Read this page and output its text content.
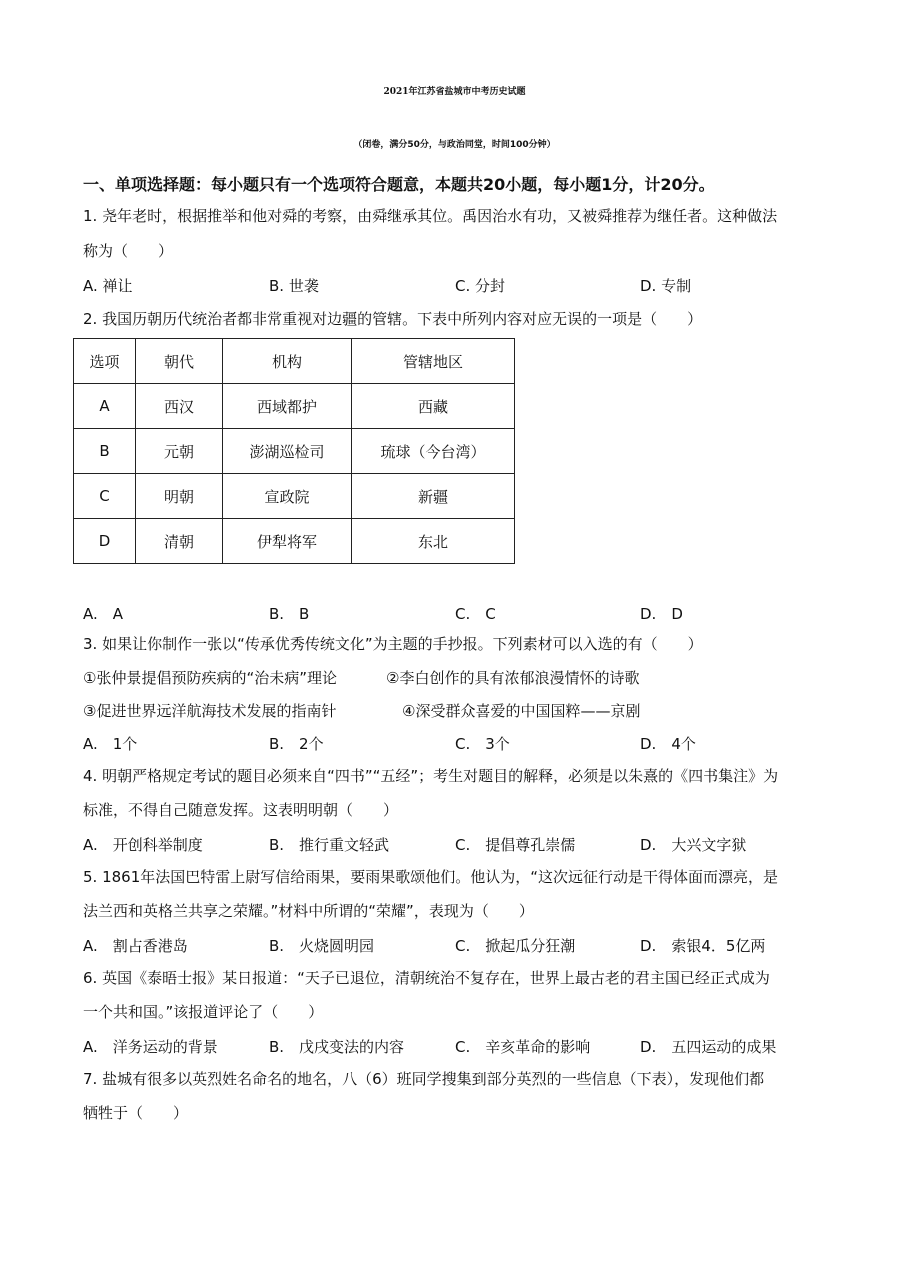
2021年江苏省盐城市中考历史试题
（闭卷，满分50分，与政治同堂，时间100分钟）
一、单项选择题：每小题只有一个选项符合题意，本题共20小题，每小题1分，计20分。
1. 尧年老时，根据推举和他对舜的考察，由舜继承其位。禹因治水有功，又被舜推荐为继任者。这种做法
称为（　　）
A. 禅让	B. 世袭	C. 分封	D. 专制
2. 我国历朝历代统治者都非常重视对边疆的管辖。下表中所列内容对应无误的一项是（　　）
选项	朝代	机构	管辖地区
A	西汉	西域都护	西藏
B	元朝	澎湖巡检司	琉球（今台湾）
C	明朝	宣政院	新疆
D	清朝	伊犁将军	东北
A.　A	B.　B	C.　C	D.　D
3. 如果让你制作一张以“传承优秀传统文化”为主题的手抄报。下列素材可以入选的有（　　）
①张仲景提倡预防疾病的“治未病”理论	②李白创作的具有浓郁浪漫情怀的诗歌
③促进世界远洋航海技术发展的指南针	④深受群众喜爱的中国国粹——京剧
A.　1个	B.　2个	C.　3个	D.　4个
4. 明朝严格规定考试的题目必须来自“四书”“五经”；考生对题目的解释，必须是以朱熹的《四书集注》为
标准，不得自己随意发挥。这表明明朝（　　）
A.　开创科举制度	B.　推行重文轻武	C.　提倡尊孔崇儒	D.　大兴文字狱
5. 1861年法国巴特雷上尉写信给雨果，要雨果歌颂他们。他认为，“这次远征行动是干得体面而漂亮，是
法兰西和英格兰共享之荣耀。”材料中所谓的“荣耀”，表现为（　　）
A.　割占香港岛	B.　火烧圆明园	C.　掀起瓜分狂潮	D.　索银4．5亿两
6. 英国《泰晤士报》某日报道：“天子已退位，清朝统治不复存在，世界上最古老的君主国已经正式成为
一个共和国。”该报道评论了（　　）
A.　洋务运动的背景	B.　戊戌变法的内容	C.　辛亥革命的影响	D.　五四运动的成果
7. 盐城有很多以英烈姓名命名的地名，八（6）班同学搜集到部分英烈的一些信息（下表），发现他们都
牺牲于（　　）
